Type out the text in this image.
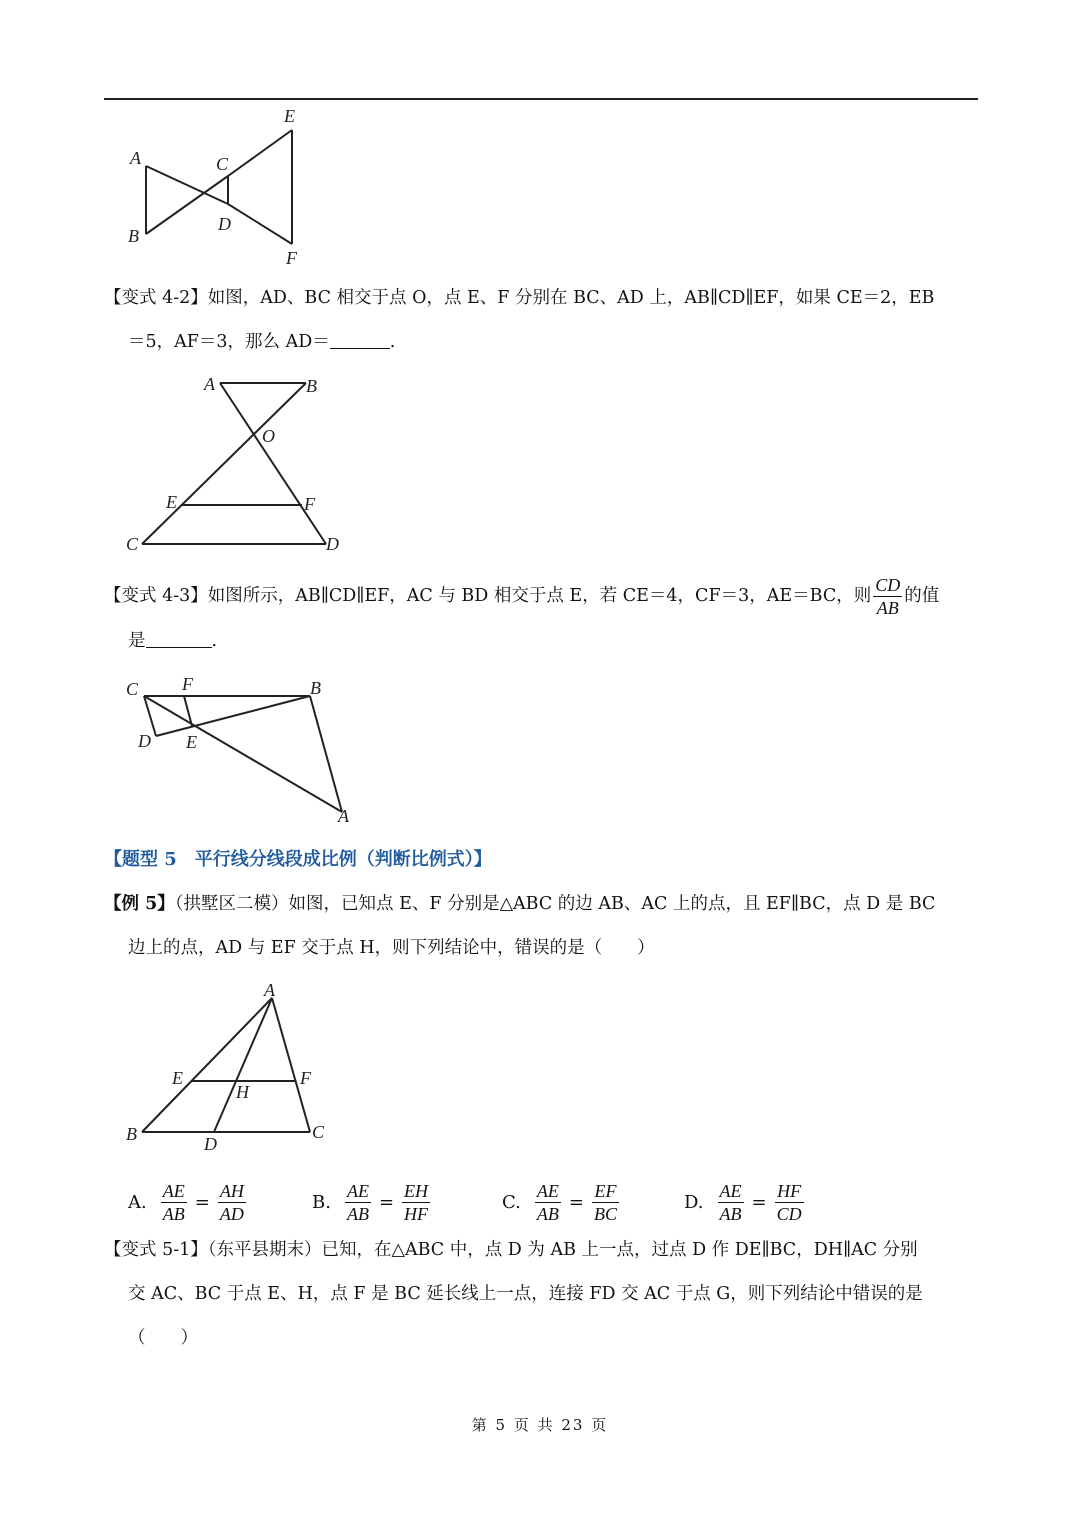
A
B
C
D
E
F
【变式 4-2】如图，AD、BC 相交于点 O，点 E、F 分别在 BC、AD 上，AB∥CD∥EF，如果 CE＝2，EB
＝5，AF＝3，那么 AD＝	.
A	B
O
E	F
C	D
【变式 4-3】如图所示，AB∥CD∥EF，AC 与 BD 相交于点 E，若 CE＝4，CF＝3，AE＝BC，则 $\frac{CD}{AB}$ 的值
是	.
C F	B
D E
A
【题型 5 平行线分线段成比例（判断比例式）】
【例 5】（拱墅区二模）如图，已知点 E、F 分别是△ABC 的边 AB、AC 上的点，且 EF∥BC，点 D 是 BC
边上的点，AD 与 EF 交于点 H，则下列结论中，错误的是（　　）
A
E	F
H
B	D
C
A. $\frac{AE}{AB} = \frac{AH}{AD}$	B. $\frac{AE}{AB} = \frac{EH}{HF}$	C. $\frac{AE}{AB} = \frac{EF}{BC}$	D. $\frac{AE}{AB} = \frac{HF}{CD}$
【变式 5-1】（东平县期末）已知，在△ABC 中，点 D 为 AB 上一点，过点 D 作 DE∥BC，DH∥AC 分别
交 AC、BC 于点 E、H，点 F 是 BC 延长线上一点，连接 FD 交 AC 于点 G，则下列结论中错误的是
（　　）
第 5 页 共 23 页
